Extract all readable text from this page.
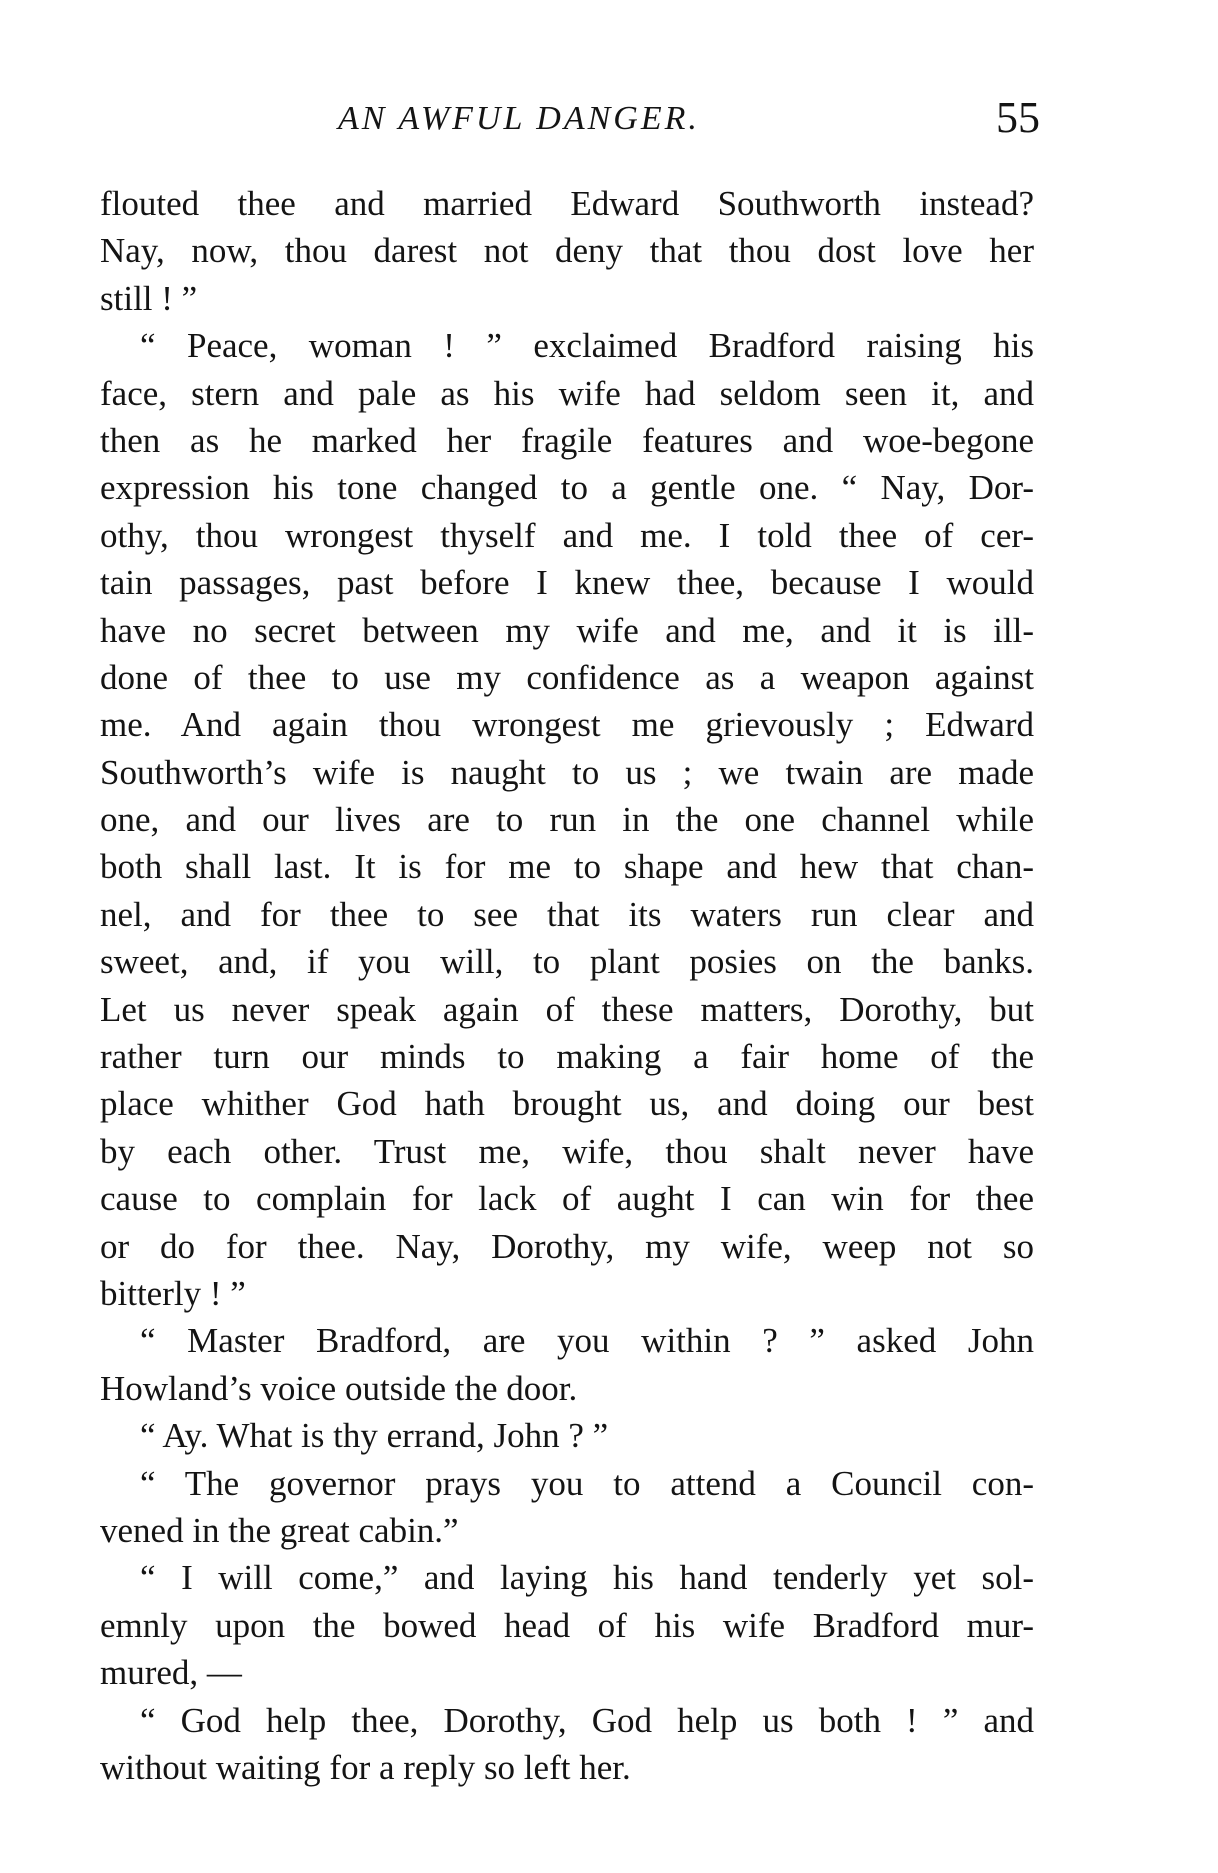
AN AWFUL DANGER.	55
flouted thee and married Edward Southworth instead?
Nay, now, thou darest not deny that thou dost love her
still ! ”
“ Peace, woman ! ” exclaimed Bradford raising his
face, stern and pale as his wife had seldom seen it, and
then as he marked her fragile features and woe-begone
expression his tone changed to a gentle one. “ Nay, Dor-
othy, thou wrongest thyself and me. I told thee of cer-
tain passages, past before I knew thee, because I would
have no secret between my wife and me, and it is ill-
done of thee to use my confidence as a weapon against
me. And again thou wrongest me grievously ; Edward
Southworth’s wife is naught to us ; we twain are made
one, and our lives are to run in the one channel while
both shall last. It is for me to shape and hew that chan-
nel, and for thee to see that its waters run clear and
sweet, and, if you will, to plant posies on the banks.
Let us never speak again of these matters, Dorothy, but
rather turn our minds to making a fair home of the
place whither God hath brought us, and doing our best
by each other. Trust me, wife, thou shalt never have
cause to complain for lack of aught I can win for thee
or do for thee. Nay, Dorothy, my wife, weep not so
bitterly ! ”
“ Master Bradford, are you within ? ” asked John
Howland’s voice outside the door.
“ Ay. What is thy errand, John ? ”
“ The governor prays you to attend a Council con-
vened in the great cabin.”
“ I will come,” and laying his hand tenderly yet sol-
emnly upon the bowed head of his wife Bradford mur-
mured, —
“ God help thee, Dorothy, God help us both ! ” and
without waiting for a reply so left her.
